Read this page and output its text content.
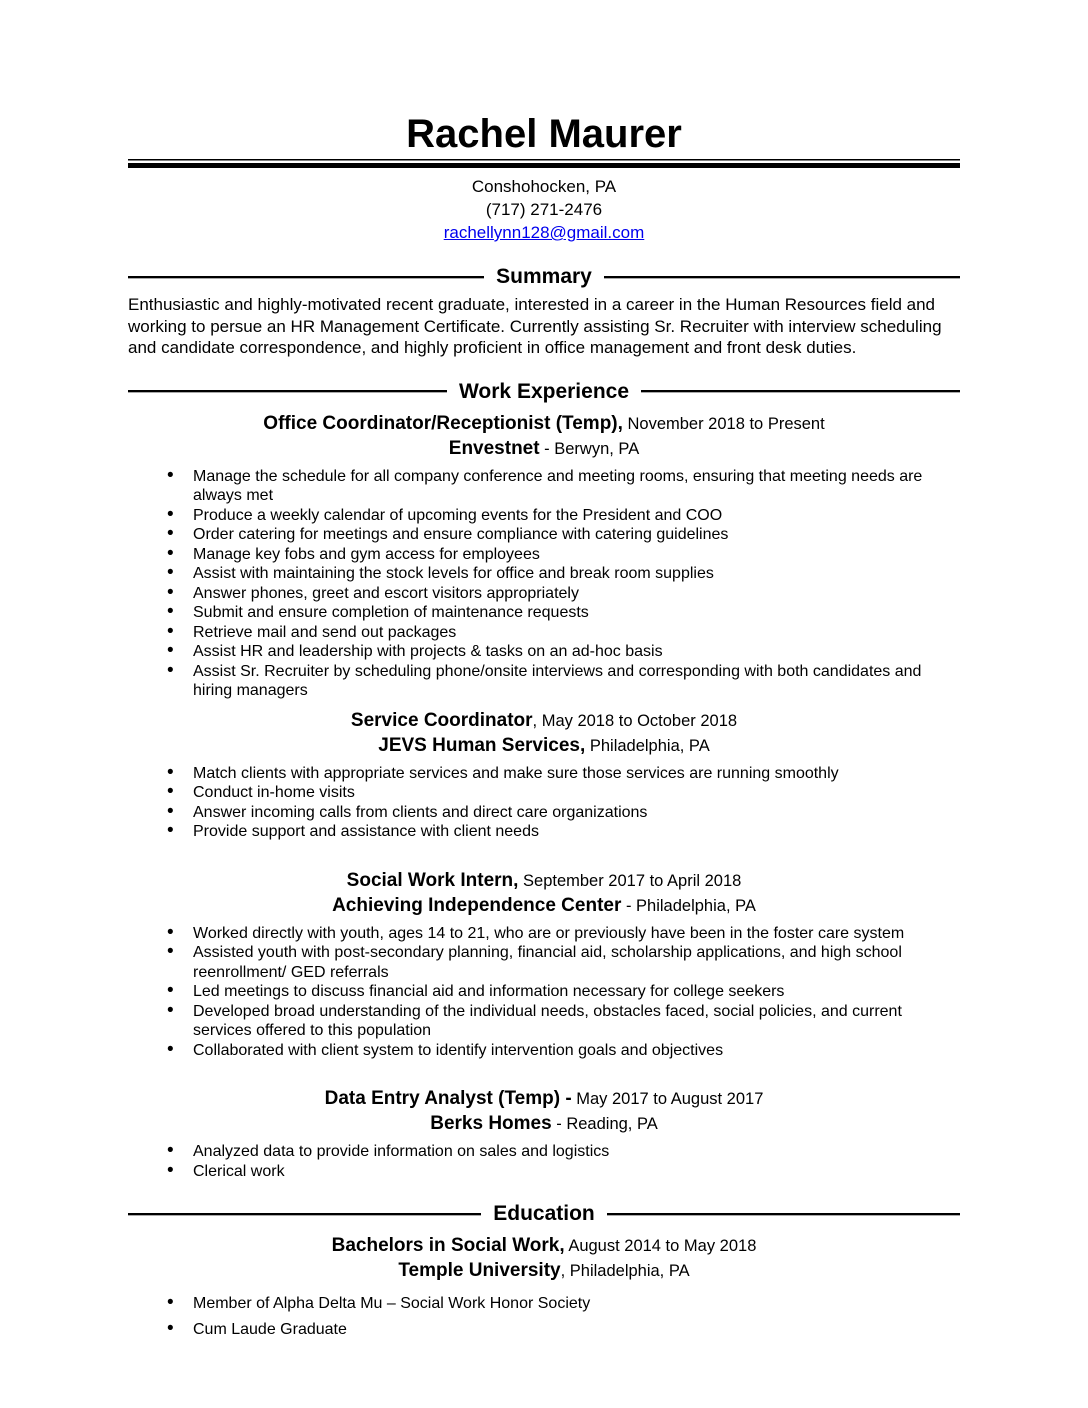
Rachel Maurer
Conshohocken, PA
(717) 271-2476
rachellynn128@gmail.com
Summary
Enthusiastic and highly-motivated recent graduate, interested in a career in the Human Resources field and working to persue an HR Management Certificate. Currently assisting Sr. Recruiter with interview scheduling and candidate correspondence, and highly proficient in office management and front desk duties.
Work Experience
Office Coordinator/Receptionist (Temp), November 2018 to Present
Envestnet - Berwyn, PA
• Manage the schedule for all company conference and meeting rooms, ensuring that meeting needs are always met
• Produce a weekly calendar of upcoming events for the President and COO
• Order catering for meetings and ensure compliance with catering guidelines
• Manage key fobs and gym access for employees
• Assist with maintaining the stock levels for office and break room supplies
• Answer phones, greet and escort visitors appropriately
• Submit and ensure completion of maintenance requests
• Retrieve mail and send out packages
• Assist HR and leadership with projects & tasks on an ad-hoc basis
• Assist Sr. Recruiter by scheduling phone/onsite interviews and corresponding with both candidates and hiring managers
Service Coordinator, May 2018 to October 2018
JEVS Human Services, Philadelphia, PA
• Match clients with appropriate services and make sure those services are running smoothly
• Conduct in-home visits
• Answer incoming calls from clients and direct care organizations
• Provide support and assistance with client needs
Social Work Intern, September 2017 to April 2018
Achieving Independence Center - Philadelphia, PA
• Worked directly with youth, ages 14 to 21, who are or previously have been in the foster care system
• Assisted youth with post-secondary planning, financial aid, scholarship applications, and high school reenrollment/ GED referrals
• Led meetings to discuss financial aid and information necessary for college seekers
• Developed broad understanding of the individual needs, obstacles faced, social policies, and current services offered to this population
• Collaborated with client system to identify intervention goals and objectives
Data Entry Analyst (Temp) - May 2017 to August 2017
Berks Homes - Reading, PA
• Analyzed data to provide information on sales and logistics
• Clerical work
Education
Bachelors in Social Work, August 2014 to May 2018
Temple University, Philadelphia, PA
• Member of Alpha Delta Mu – Social Work Honor Society
• Cum Laude Graduate
